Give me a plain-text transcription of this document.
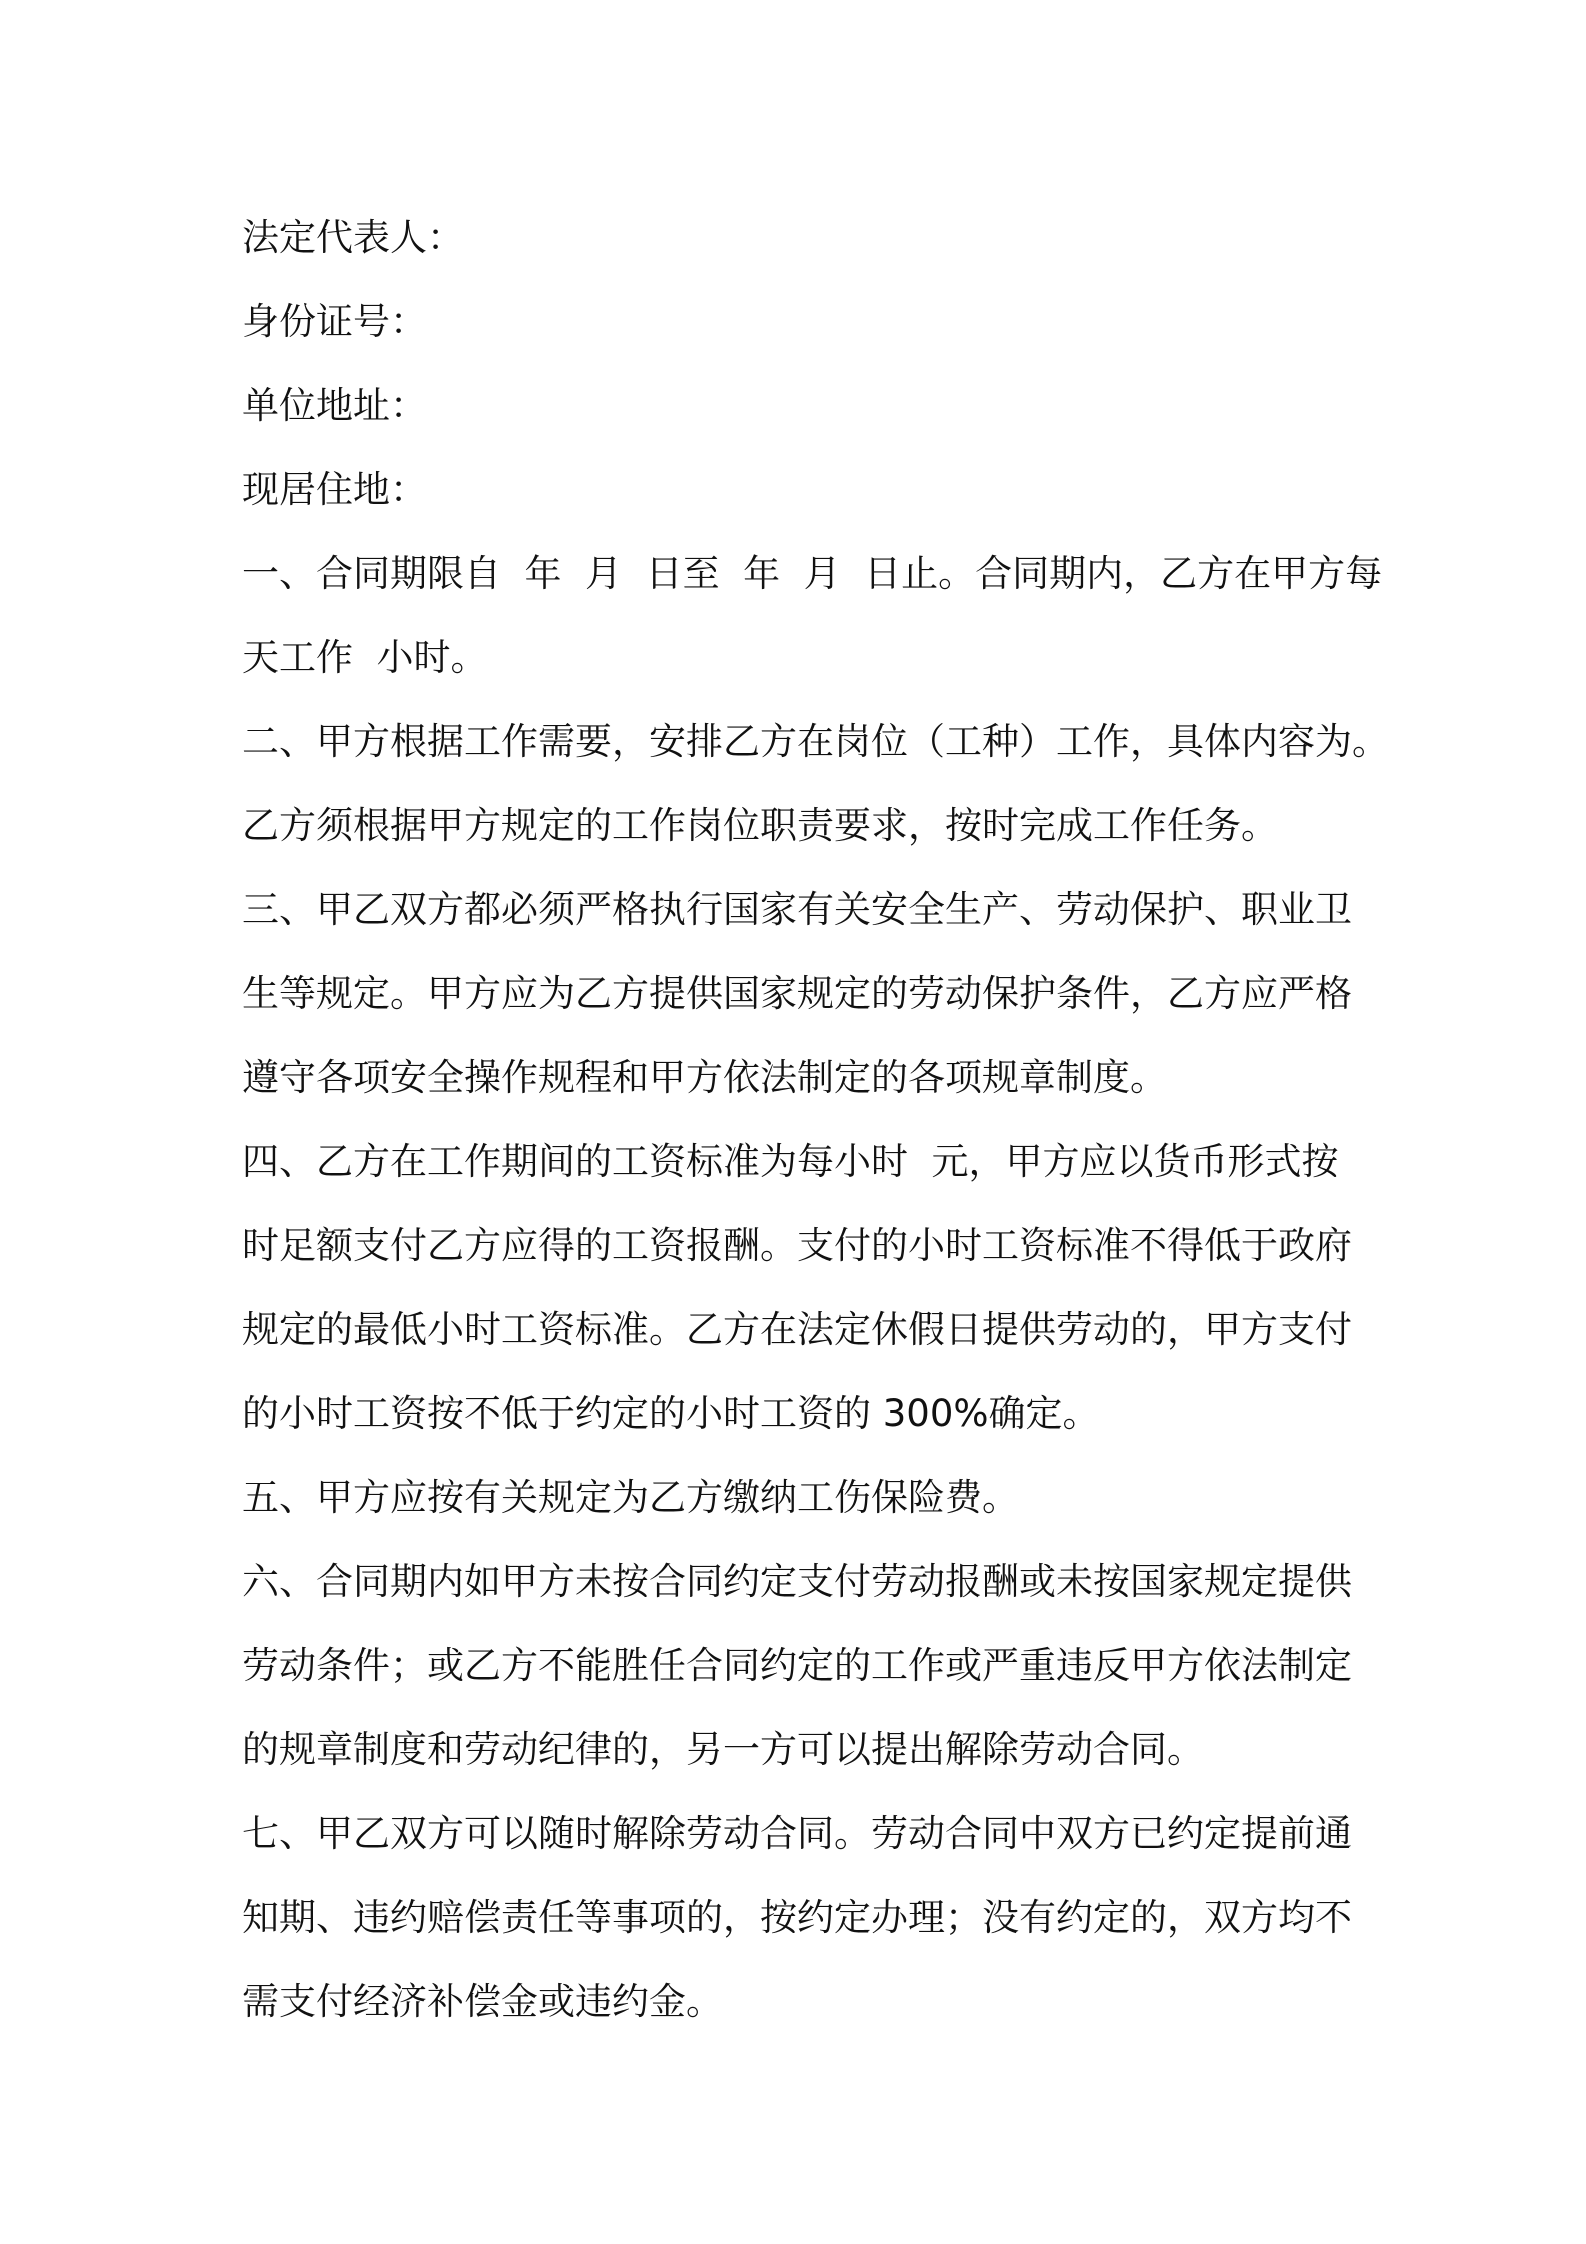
法定代表人：
身份证号：
单位地址：
现居住地：
一、合同期限自  年  月  日至  年  月  日止。合同期内，乙方在甲方每
天工作  小时。
二、甲方根据工作需要，安排乙方在岗位（工种）工作，具体内容为。
乙方须根据甲方规定的工作岗位职责要求，按时完成工作任务。
三、甲乙双方都必须严格执行国家有关安全生产、劳动保护、职业卫
生等规定。甲方应为乙方提供国家规定的劳动保护条件，乙方应严格
遵守各项安全操作规程和甲方依法制定的各项规章制度。
四、乙方在工作期间的工资标准为每小时  元，甲方应以货币形式按
时足额支付乙方应得的工资报酬。支付的小时工资标准不得低于政府
规定的最低小时工资标准。乙方在法定休假日提供劳动的，甲方支付
的小时工资按不低于约定的小时工资的 300%确定。
五、甲方应按有关规定为乙方缴纳工伤保险费。
六、合同期内如甲方未按合同约定支付劳动报酬或未按国家规定提供
劳动条件；或乙方不能胜任合同约定的工作或严重违反甲方依法制定
的规章制度和劳动纪律的，另一方可以提出解除劳动合同。
七、甲乙双方可以随时解除劳动合同。劳动合同中双方已约定提前通
知期、违约赔偿责任等事项的，按约定办理；没有约定的，双方均不
需支付经济补偿金或违约金。
